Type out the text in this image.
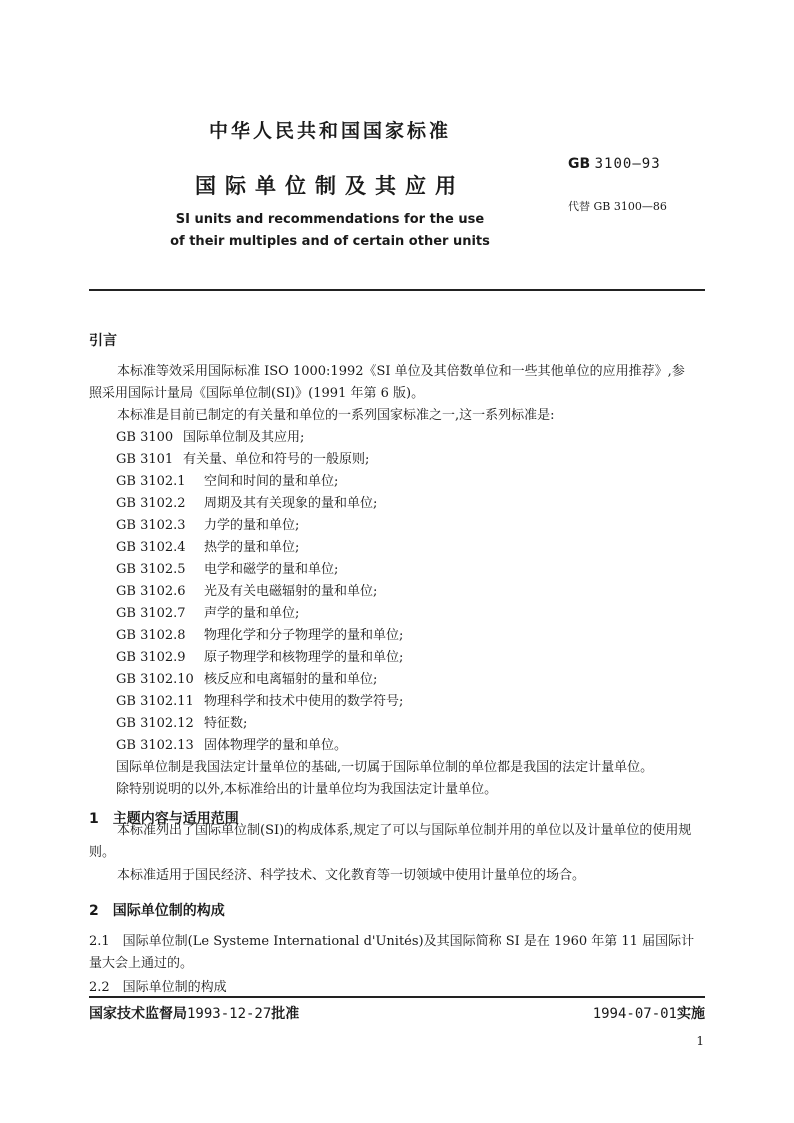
中华人民共和国国家标准
国际单位制及其应用
SI units and recommendations for the use
of their multiples and of certain other units
GB 3100—93
代替 GB 3100—86
引言
本标准等效采用国际标准 ISO 1000:1992《SI 单位及其倍数单位和一些其他单位的应用推荐》,参
照采用国际计量局《国际单位制(SI)》(1991 年第 6 版)。
本标准是目前已制定的有关量和单位的一系列国家标准之一,这一系列标准是:
GB 3100 国际单位制及其应用;
GB 3101 有关量、单位和符号的一般原则;
GB 3102.1 空间和时间的量和单位;
GB 3102.2 周期及其有关现象的量和单位;
GB 3102.3 力学的量和单位;
GB 3102.4 热学的量和单位;
GB 3102.5 电学和磁学的量和单位;
GB 3102.6 光及有关电磁辐射的量和单位;
GB 3102.7 声学的量和单位;
GB 3102.8 物理化学和分子物理学的量和单位;
GB 3102.9 原子物理学和核物理学的量和单位;
GB 3102.10 核反应和电离辐射的量和单位;
GB 3102.11 物理科学和技术中使用的数学符号;
GB 3102.12 特征数;
GB 3102.13 固体物理学的量和单位。
国际单位制是我国法定计量单位的基础,一切属于国际单位制的单位都是我国的法定计量单位。
除特别说明的以外,本标准给出的计量单位均为我国法定计量单位。
1　主题内容与适用范围
本标准列出了国际单位制(SI)的构成体系,规定了可以与国际单位制并用的单位以及计量单位的使用规则。
本标准适用于国民经济、科学技术、文化教育等一切领域中使用计量单位的场合。
2　国际单位制的构成
2.1　国际单位制(Le Systeme International d'Unités)及其国际简称 SI 是在 1960 年第 11 届国际计量大会上通过的。
2.2　国际单位制的构成
国家技术监督局1993-12-27批准	1994-07-01实施
1
